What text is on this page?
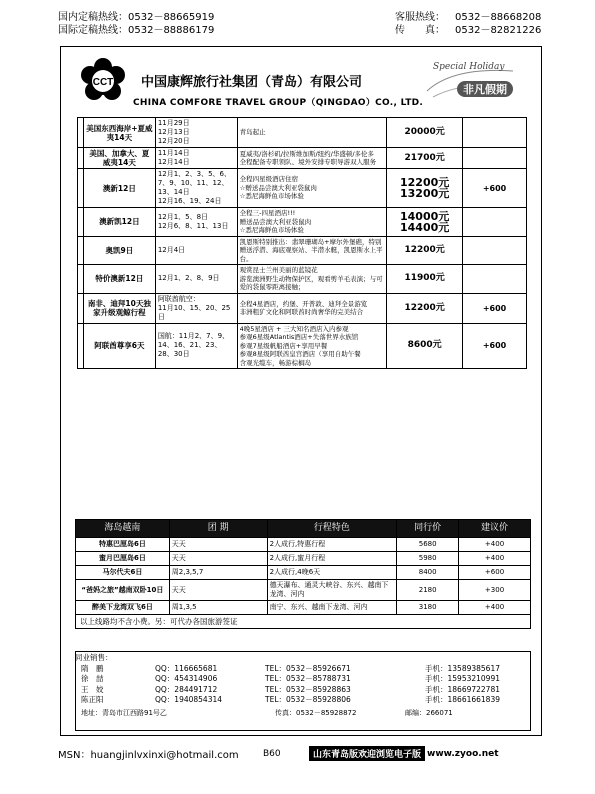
国内定稿热线：0532－88665919
国际定稿热线：0532－88886179
客服热线：	0532－88668208
传　　真：	0532－82821226
CCT 中国康辉旅行社集团（青岛）有限公司
CHINA COMFORE TRAVEL GROUP（QINGDAO）CO., LTD.
Special Holiday
非凡假期
	美国东西海岸+夏威夷14天	11月29日
12月13日
12月20日	青岛起止	20000元	
	美国、加拿大、夏威夷14天	11月14日
12月14日	夏威夷/洛杉矶/拉斯维加斯/纽约/华盛顿/多伦多
全程配备专职领队、境外安排专职导游双人服务	21700元	
	澳新12日	12月1、2、3、5、6、7、9、10、11、12、13、14日
12月16、19、24日	全程四星级酒店住宿
☆赠送品尝澳大利亚袋鼠肉
☆悉尼海鲜鱼市场体验	12200元
13200元	+600
	澳新凯12日	12月1、5、8日
12月6、8、11、13日	全程三-四星酒店!!!
赠送品尝澳大利亚袋鼠肉
☆悉尼海鲜鱼市场体验	14000元
14400元	
	奥凯9日	12月4日	凯恩斯特别推出：翡翠珊瑚岛+摩尔外堡礁，特别赠送浮潜、海底观察站、半潜水艇，凯恩斯水上平台。	12200元	
	特价澳新12日	12月1、2、8、9日	观赏昆士兰州美丽的蓝镜花
游览澳洲野生动物保护区，观看剪羊毛表演；与可爱的袋鼠零距离接触；	11900元	
	南非、迪拜10天独家升级观鲸行程	阿联酋航空：
11月10、15、20、25日	全程4星酒店，约堡、开普敦、迪拜全景游览
非洲粗犷文化和阿联酋时尚奢华的完美结合	12200元	+600
	阿联酋尊享6天	国航：11月2、7、9、14、16、21、23、28、30日	4晚5星酒店 + 三大知名酒店入内参观
参观6星级Atlantis酒店+失落世界水族馆
参观7星级帆船酒店+享用早餐
参观8星级阿联酋皇宫酒店（享用自助午餐
含观光缆车，畅游棕榈岛	8600元	+600
海岛越南	团 期	行程特色	同行价	建议价
特惠巴厘岛6日	天天	2人成行,特惠行程	5680	+400
蜜月巴厘岛6日	天天	2人成行,蜜月行程	5980	+400
马尔代夫6日	周2,3,5,7	2人成行,4晚6天	8400	+600
“爸妈之旅”越南双卧10日	天天	德天瀑布、通灵大峡谷、东兴、越南下龙湾、河内	2180	+300
醉美下龙湾双飞6日	周1,3,5	南宁、东兴、越南下龙湾、河内	3180	+400
以上线路均不含小费。另：可代办各国旅游签证				
同业销售：
隋　鹏	QQ：116665681	TEL：0532－85926671	手机：13589385617
徐　喆	QQ：454314906	TEL：0532－85788731	手机：15953210991
王　姣	QQ：284491712	TEL：0532－85928863	手机：18669722781
陈正阳	QQ：1940854314	TEL：0532－85928806	手机：18661661839
地址：青岛市江西路91号乙	传真：0532－85928872	邮编：266071
MSN：huangjinlvxinxi@hotmail.com	B60	山东青岛版欢迎浏览电子版 www.zyoo.net
